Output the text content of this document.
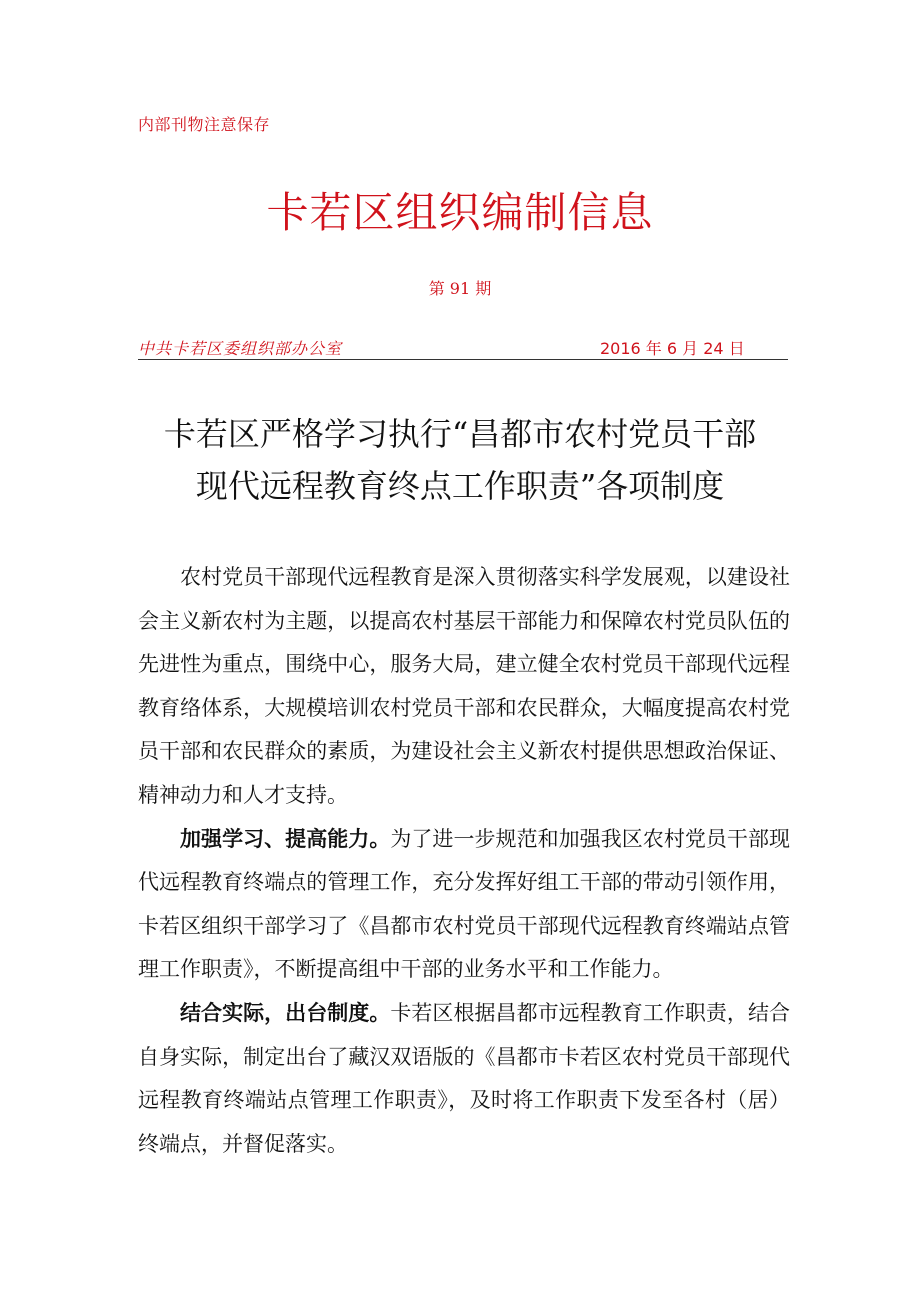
内部刊物注意保存
卡若区组织编制信息
第 91 期
中共卡若区委组织部办公室	2016 年 6 月 24 日
卡若区严格学习执行“昌都市农村党员干部
现代远程教育终点工作职责”各项制度

农村党员干部现代远程教育是深入贯彻落实科学发展观，以建设社会主义新农村为主题，以提高农村基层干部能力和保障农村党员队伍的先进性为重点，围绕中心，服务大局，建立健全农村党员干部现代远程教育络体系，大规模培训农村党员干部和农民群众，大幅度提高农村党员干部和农民群众的素质，为建设社会主义新农村提供思想政治保证、精神动力和人才支持。

加强学习、提高能力。为了进一步规范和加强我区农村党员干部现代远程教育终端点的管理工作，充分发挥好组工干部的带动引领作用，卡若区组织干部学习了《昌都市农村党员干部现代远程教育终端站点管理工作职责》，不断提高组中干部的业务水平和工作能力。

结合实际，出台制度。卡若区根据昌都市远程教育工作职责，结合自身实际，制定出台了藏汉双语版的《昌都市卡若区农村党员干部现代远程教育终端站点管理工作职责》，及时将工作职责下发至各村（居）终端点，并督促落实。
